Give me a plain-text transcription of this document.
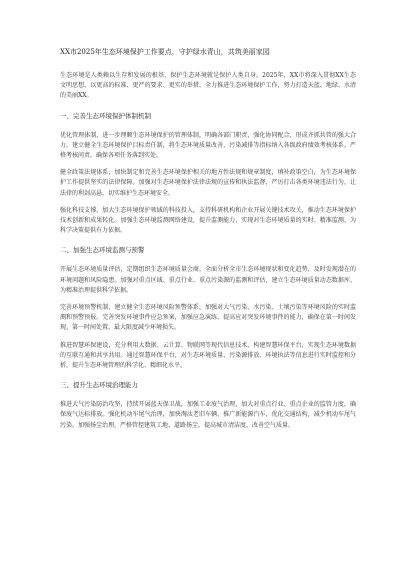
XX市2025年生态环境保护工作要点，守护绿水青山，共筑美丽家园

生态环境是人类赖以生存和发展的根基，保护生态环境就是保护人类自身。2025年，XX市将深入贯彻XX生态文明思想，以更高的标准、更严的要求、更实的举措，全力推进生态环境保护工作，努力打造天蓝、地绿、水清的美丽XX。

一、完善生态环境保护体制机制

优化管理体制，进一步理顺生态环境保护的管理体制，明确各部门职责，强化协同配合，形成齐抓共管的强大合力。建立健全生态环境保护目标责任制，将生态环境质量改善、污染减排等指标纳入各级政府绩效考核体系，严格考核问责，确保各项任务落到实处。

健全政策法规体系，加快制定和完善生态环境保护相关的地方性法规和规章制度，填补政策空白，为生态环境保护工作提供坚实的法律保障。加强对生态环境保护法律法规的宣传和执法监督，严厉打击各类环境违法行为，让法律的利剑高悬，切实维护生态环境安全。

强化科技支撑，加大生态环境保护领域的科技投入，支持科研机构和企业开展关键技术攻关，推动生态环境保护技术创新和成果转化。加强生态环境监测网络建设，提升监测能力，实现对生态环境质量的实时、精准监测，为科学决策提供有力依据。

二、加强生态环境监测与预警

开展生态环境质量评估，定期组织生态环境质量会商，全面分析全市生态环境现状和变化趋势，及时发现潜在的环境问题和风险隐患。加强对重点区域、重点行业、重点污染源的监测和评估，建立生态环境质量动态数据库，为精准治理提供科学依据。

完善环境预警机制，建立健全生态环境风险预警体系，加强对大气污染、水污染、土壤污染等环境风险的实时监测和预警预报。完善突发环境事件应急预案，加强应急演练，提高应对突发环境事件的能力，确保在第一时间发现、第一时间处置，最大限度减少环境损失。

推进智慧环保建设，充分利用大数据、云计算、物联网等现代信息技术，构建智慧环保平台，实现生态环境数据的互联互通和共享共用。通过智慧环保平台，对生态环境质量、污染源排放、环境执法等信息进行实时监控和分析，提升生态环境管理的科学化、精细化水平。

三、提升生态环境治理能力

推进大气污染防治攻坚，持续开展蓝天保卫战，加强工业废气治理，加大对重点行业、重点企业的监管力度，确保废气达标排放。强化机动车尾气治理，加快淘汰老旧车辆，推广新能源汽车，优化交通结构，减少机动车尾气污染。加强扬尘治理，严格管控建筑工地、道路扬尘，提高城市清洁度，改善空气质量。
